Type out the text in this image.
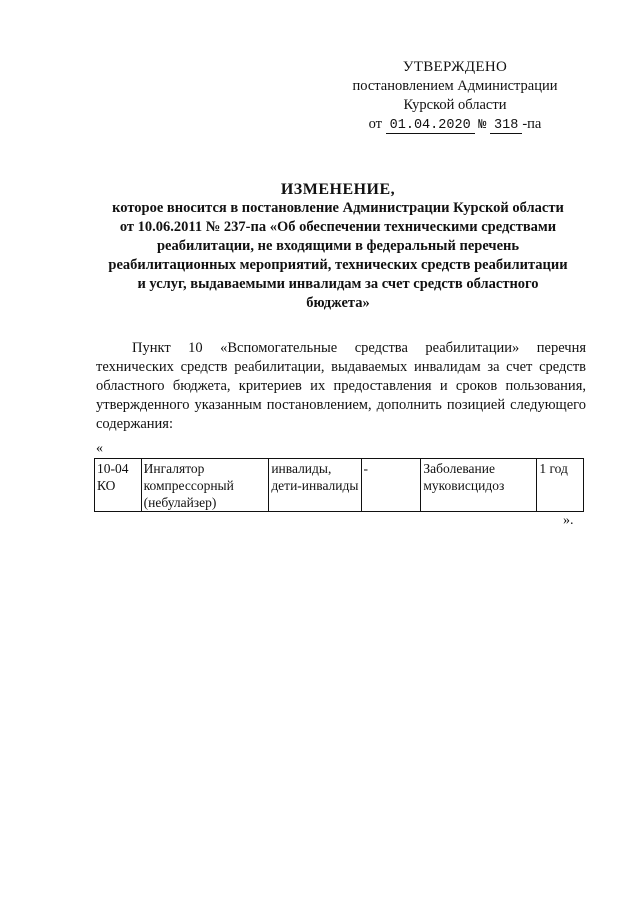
УТВЕРЖДЕНО
постановлением Администрации
Курской области
от 01.04.2020 № 318 -па
ИЗМЕНЕНИЕ,
которое вносится в постановление Администрации Курской области
от 10.06.2011 № 237-па «Об обеспечении техническими средствами
реабилитации, не входящими в федеральный перечень
реабилитационных мероприятий, технических средств реабилитации
и услуг, выдаваемыми инвалидам за счет средств областного
бюджета»
Пункт 10 «Вспомогательные средства реабилитации» перечня технических средств реабилитации, выдаваемых инвалидам за счет средств областного бюджета, критериев их предоставления и сроков пользования, утвержденного указанным постановлением, дополнить позицией следующего содержания:
«
10-04 КО	Ингалятор компрессорный (небулайзер)	инвалиды, дети-инвалиды	-	Заболевание муковисцидоз	1 год
».
